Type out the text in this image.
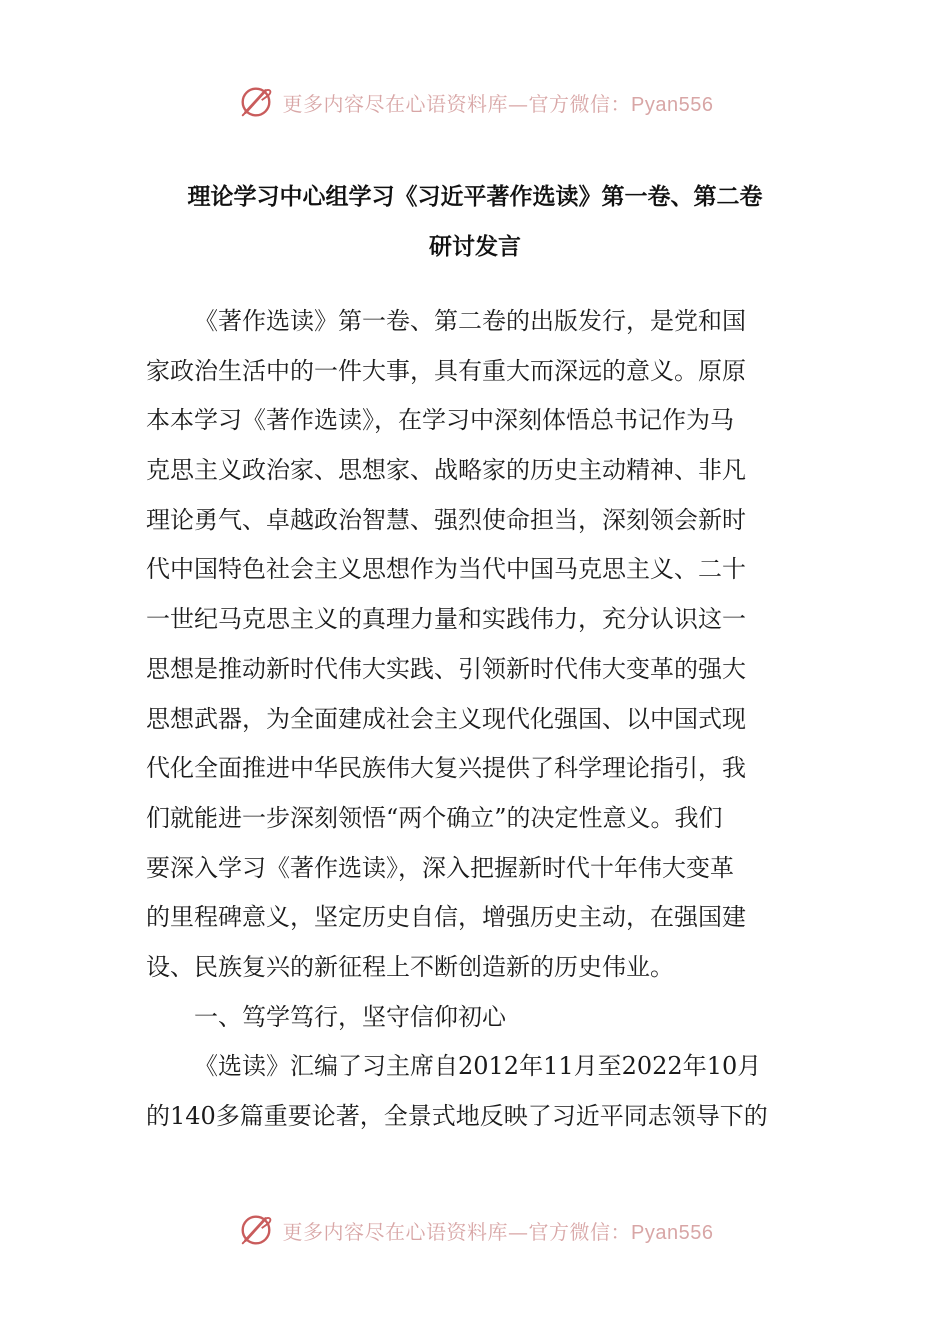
更多内容尽在心语资料库—官方微信：Pyan556
理论学习中心组学习《习近平著作选读》第一卷、第二卷
研讨发言
《著作选读》第一卷、第二卷的出版发行，是党和国
家政治生活中的一件大事，具有重大而深远的意义。原原
本本学习《著作选读》，在学习中深刻体悟总书记作为马
克思主义政治家、思想家、战略家的历史主动精神、非凡
理论勇气、卓越政治智慧、强烈使命担当，深刻领会新时
代中国特色社会主义思想作为当代中国马克思主义、二十
一世纪马克思主义的真理力量和实践伟力，充分认识这一
思想是推动新时代伟大实践、引领新时代伟大变革的强大
思想武器，为全面建成社会主义现代化强国、以中国式现
代化全面推进中华民族伟大复兴提供了科学理论指引，我
们就能进一步深刻领悟“两个确立”的决定性意义。我们
要深入学习《著作选读》，深入把握新时代十年伟大变革
的里程碑意义，坚定历史自信，增强历史主动，在强国建
设、民族复兴的新征程上不断创造新的历史伟业。
一、笃学笃行，坚守信仰初心
《选读》汇编了习主席自2012年11月至2022年10月
的140多篇重要论著，全景式地反映了习近平同志领导下的
更多内容尽在心语资料库—官方微信：Pyan556
